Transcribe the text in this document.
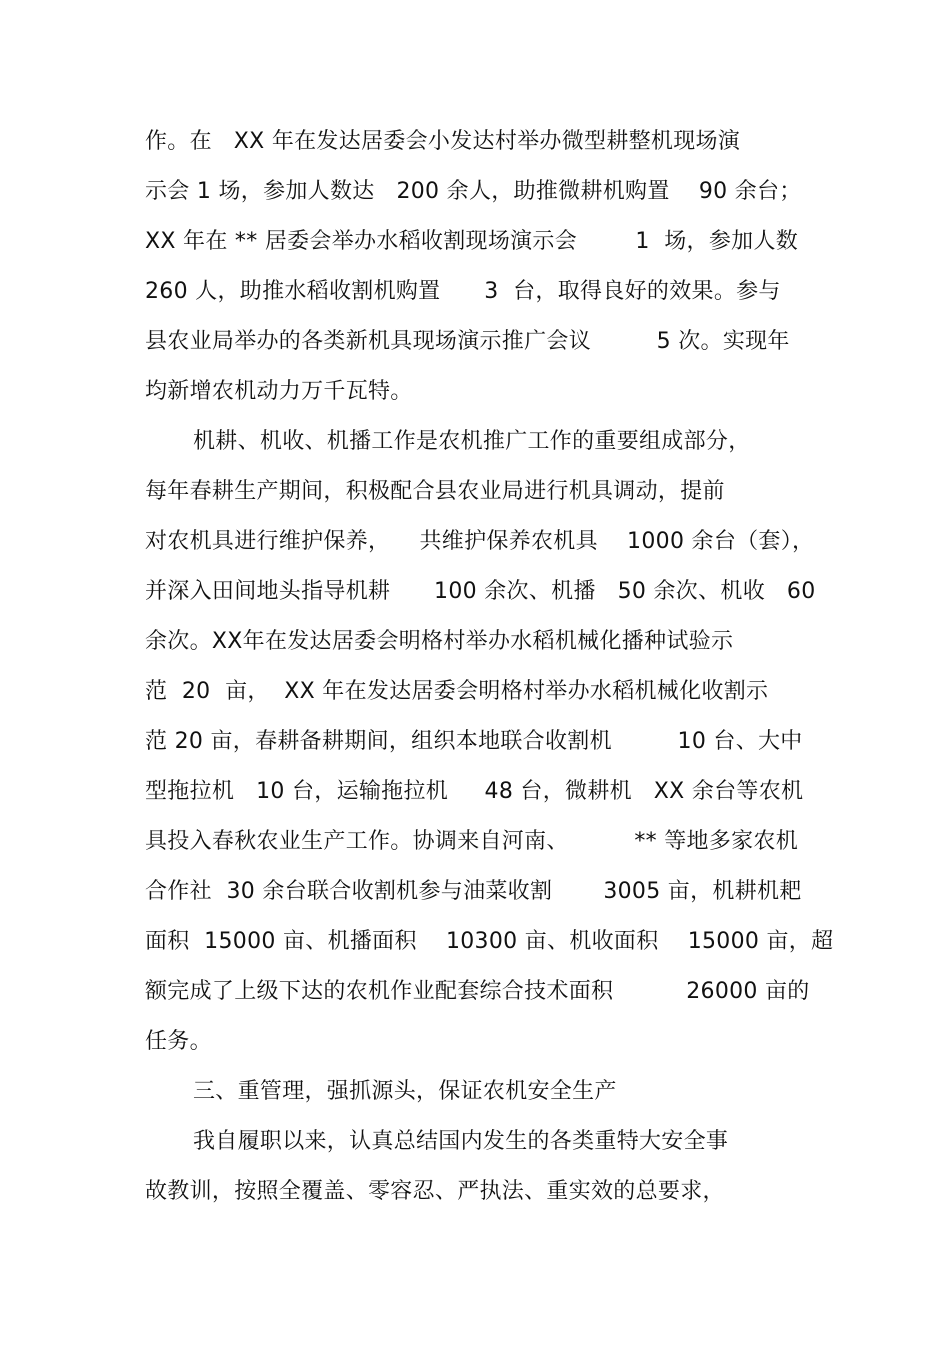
作。在   XX 年在发达居委会小发达村举办微型耕整机现场演
示会 1 场，参加人数达   200 余人，助推微耕机购置    90 余台；
XX 年在 ** 居委会举办水稻收割现场演示会        1  场，参加人数
260 人，助推水稻收割机购置      3  台，取得良好的效果。参与
县农业局举办的各类新机具现场演示推广会议         5 次。实现年
均新增农机动力万千瓦特。
机耕、机收、机播工作是农机推广工作的重要组成部分，
每年春耕生产期间，积极配合县农业局进行机具调动，提前
对农机具进行维护保养，    共维护保养农机具    1000 余台（套），
并深入田间地头指导机耕      100 余次、机播   50 余次、机收   60
余次。XX年在发达居委会明格村举办水稻机械化播种试验示
范  20  亩，  XX 年在发达居委会明格村举办水稻机械化收割示
范 20 亩，春耕备耕期间，组织本地联合收割机         10 台、大中
型拖拉机   10 台，运输拖拉机     48 台，微耕机   XX 余台等农机
具投入春秋农业生产工作。协调来自河南、         ** 等地多家农机
合作社  30 余台联合收割机参与油菜收割       3005 亩，机耕机耙
面积  15000 亩、机播面积    10300 亩、机收面积    15000 亩，超
额完成了上级下达的农机作业配套综合技术面积          26000 亩的
任务。
三、重管理，强抓源头，保证农机安全生产
我自履职以来，认真总结国内发生的各类重特大安全事
故教训，按照全覆盖、零容忍、严执法、重实效的总要求，
